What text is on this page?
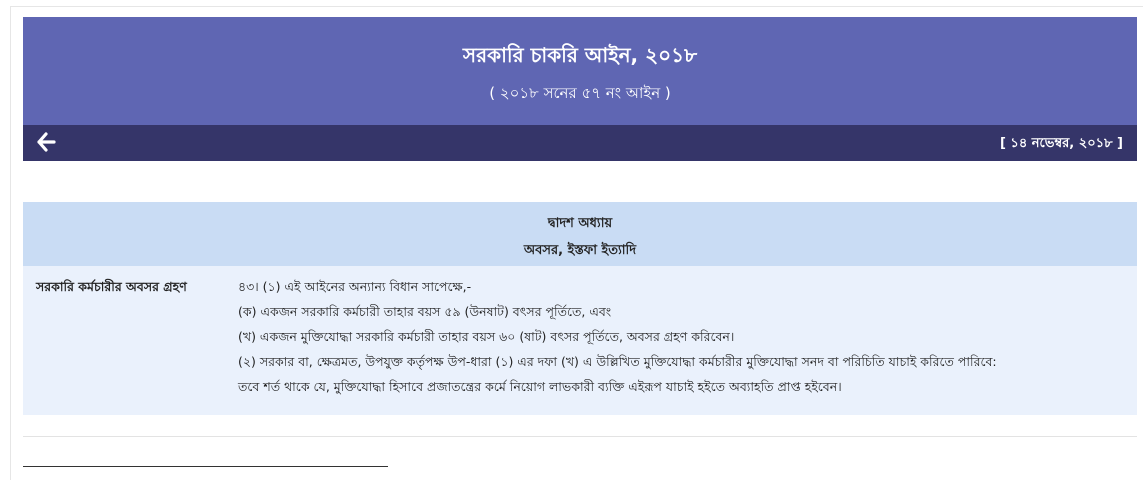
সরকারি চাকরি আইন, ২০১৮
( ২০১৮ সনের ৫৭ নং আইন )
[ ১৪ নভেম্বর, ২০১৮ ]
দ্বাদশ অধ্যায়
অবসর, ইস্তফা ইত্যাদি
সরকারি কর্মচারীর অবসর গ্রহণ	৪৩। (১) এই আইনের অন্যান্য বিধান সাপেক্ষে,-
(ক) একজন সরকারি কর্মচারী তাহার বয়স ৫৯ (উনষাট) বৎসর পূর্তিতে, এবং
(খ) একজন মুক্তিযোদ্ধা সরকারি কর্মচারী তাহার বয়স ৬০ (ষাট) বৎসর পূর্তিতে, অবসর গ্রহণ করিবেন।
(২) সরকার বা, ক্ষেত্রমত, উপযুক্ত কর্তৃপক্ষ উপ-ধারা (১) এর দফা (খ) এ উল্লিখিত মুক্তিযোদ্ধা কর্মচারীর মুক্তিযোদ্ধা সনদ বা পরিচিতি যাচাই করিতে পারিবে:
তবে শর্ত থাকে যে, মুক্তিযোদ্ধা হিসাবে প্রজাতন্ত্রের কর্মে নিয়োগ লাভকারী ব্যক্তি এইরূপ যাচাই হইতে অব্যাহতি প্রাপ্ত হইবেন।
